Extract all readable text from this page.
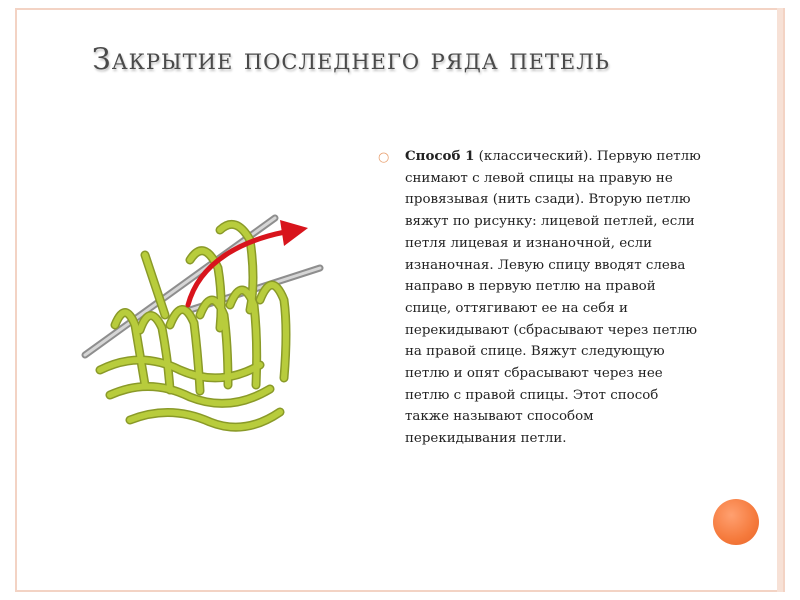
Закрытие последнего ряда петель
○ Способ 1 (классический). Первую петлю снимают с левой спицы на правую не провязывая (нить сзади). Вторую петлю вяжут по рисунку: лицевой петлей, если петля лицевая и изнаночной, если изнаночная. Левую спицу вводят слева направо в первую петлю на правой спице, оттягивают ее на себя и перекидывают (сбрасывают через петлю на правой спице. Вяжут следующую петлю и опят сбрасывают через нее петлю с правой спицы. Этот способ также называют способом перекидывания петли.
